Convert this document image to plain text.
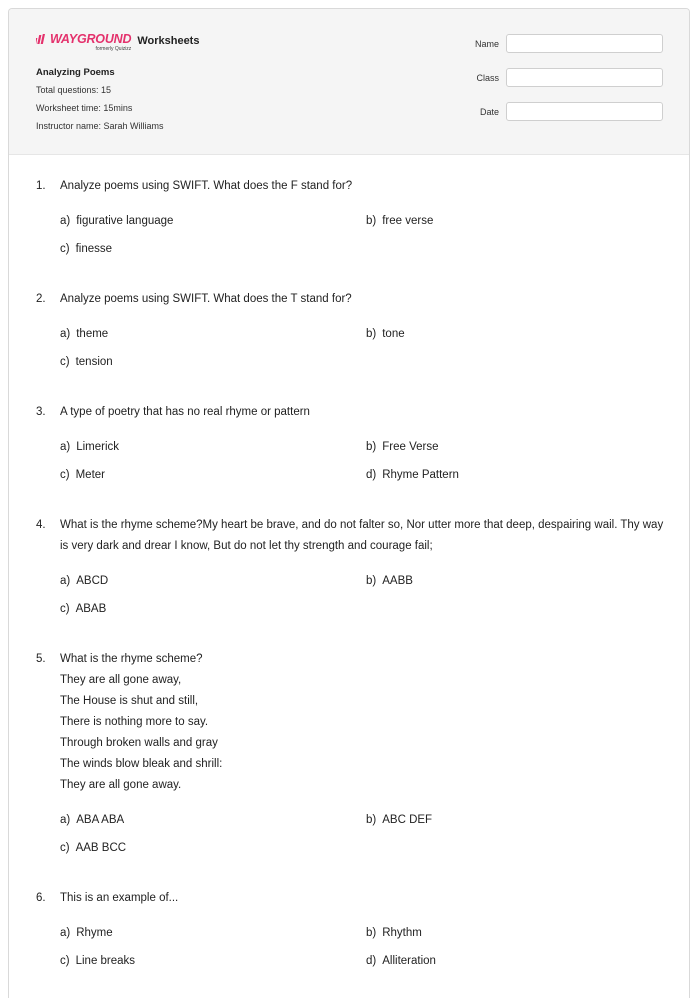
WAYGROUND
formerly Quizizz
Worksheets
Analyzing Poems
Total questions: 15
Worksheet time: 15mins
Instructor name: Sarah Williams
Name
Class
Date
1.	Analyze poems using SWIFT. What does the F stand for?
a) figurative language	b) free verse
c) finesse
2.	Analyze poems using SWIFT. What does the T stand for?
a) theme	b) tone
c) tension
3.	A type of poetry that has no real rhyme or pattern
a) Limerick	b) Free Verse
c) Meter	d) Rhyme Pattern
4.	What is the rhyme scheme?My heart be brave, and do not falter so, Nor utter more that deep, despairing wail. Thy way is very dark and drear I know, But do not let thy strength and courage fail;
a) ABCD	b) AABB
c) ABAB
5.	What is the rhyme scheme?
They are all gone away,
The House is shut and still,
There is nothing more to say.
Through broken walls and gray
The winds blow bleak and shrill:
They are all gone away.
a) ABA ABA	b) ABC DEF
c) AAB BCC
6.	This is an example of...
a) Rhyme	b) Rhythm
c) Line breaks	d) Alliteration
